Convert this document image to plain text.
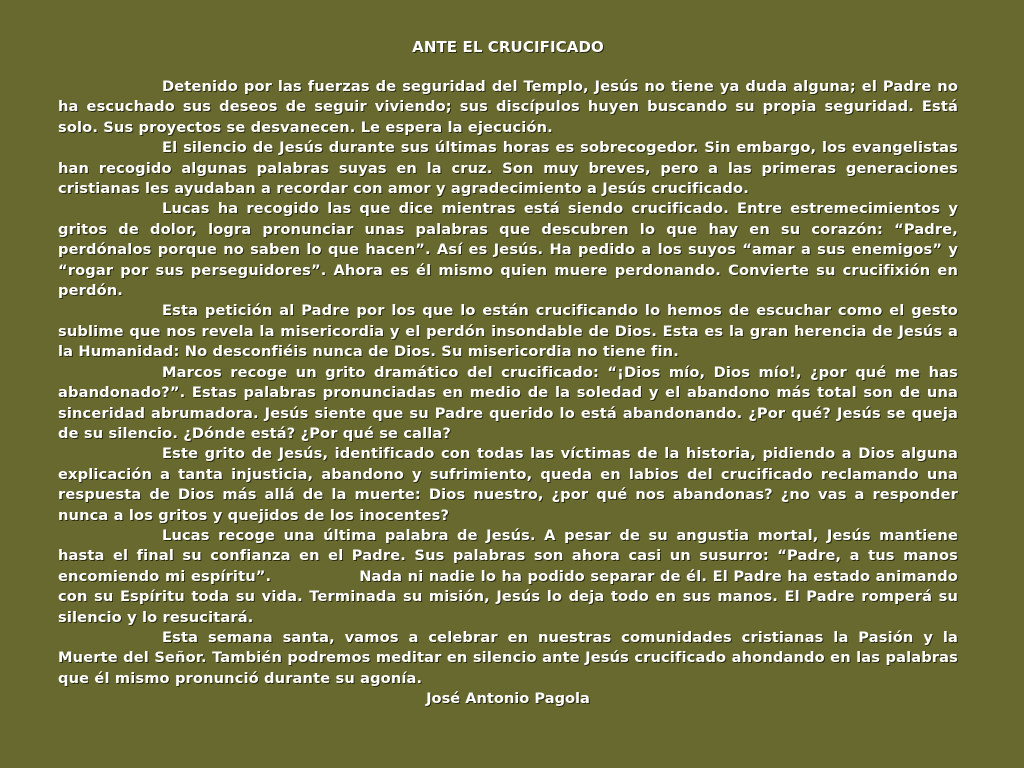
ANTE EL CRUCIFICADO

Detenido por las fuerzas de seguridad del Templo, Jesús no tiene ya duda alguna; el Padre no ha escuchado sus deseos de seguir viviendo; sus discípulos huyen buscando su propia seguridad. Está solo. Sus proyectos se desvanecen. Le espera la ejecución.

El silencio de Jesús durante sus últimas horas es sobrecogedor. Sin embargo, los evangelistas han recogido algunas palabras suyas en la cruz. Son muy breves, pero a las primeras generaciones cristianas les ayudaban a recordar con amor y agradecimiento a Jesús crucificado.

Lucas ha recogido las que dice mientras está siendo crucificado. Entre estremecimientos y gritos de dolor, logra pronunciar unas palabras que descubren lo que hay en su corazón: “Padre, perdónalos porque no saben lo que hacen”. Así es Jesús. Ha pedido a los suyos “amar a sus enemigos” y “rogar por sus perseguidores”. Ahora es él mismo quien muere perdonando. Convierte su crucifixión en perdón.

Esta petición al Padre por los que lo están crucificando lo hemos de escuchar como el gesto sublime que nos revela la misericordia y el perdón insondable de Dios. Esta es la gran herencia de Jesús a la Humanidad: No desconfiéis nunca de Dios. Su misericordia no tiene fin.

Marcos recoge un grito dramático del crucificado: “¡Dios mío, Dios mío!, ¿por qué me has abandonado?”. Estas palabras pronunciadas en medio de la soledad y el abandono más total son de una sinceridad abrumadora. Jesús siente que su Padre querido lo está abandonando. ¿Por qué? Jesús se queja de su silencio. ¿Dónde está? ¿Por qué se calla?

Este grito de Jesús, identificado con todas las víctimas de la historia, pidiendo a Dios alguna explicación a tanta injusticia, abandono y sufrimiento, queda en labios del crucificado reclamando una respuesta de Dios más allá de la muerte: Dios nuestro, ¿por qué nos abandonas? ¿no vas a responder nunca a los gritos y quejidos de los inocentes?

Lucas recoge una última palabra de Jesús. A pesar de su angustia mortal, Jesús mantiene hasta el final su confianza en el Padre. Sus palabras son ahora casi un susurro: “Padre, a tus manos encomiendo mi espíritu”.	Nada ni nadie lo ha podido separar de él. El Padre ha estado animando con su Espíritu toda su vida. Terminada su misión, Jesús lo deja todo en sus manos. El Padre romperá su silencio y lo resucitará.

Esta semana santa, vamos a celebrar en nuestras comunidades cristianas la Pasión y la Muerte del Señor. También podremos meditar en silencio ante Jesús crucificado ahondando en las palabras que él mismo pronunció durante su agonía.

José Antonio Pagola
